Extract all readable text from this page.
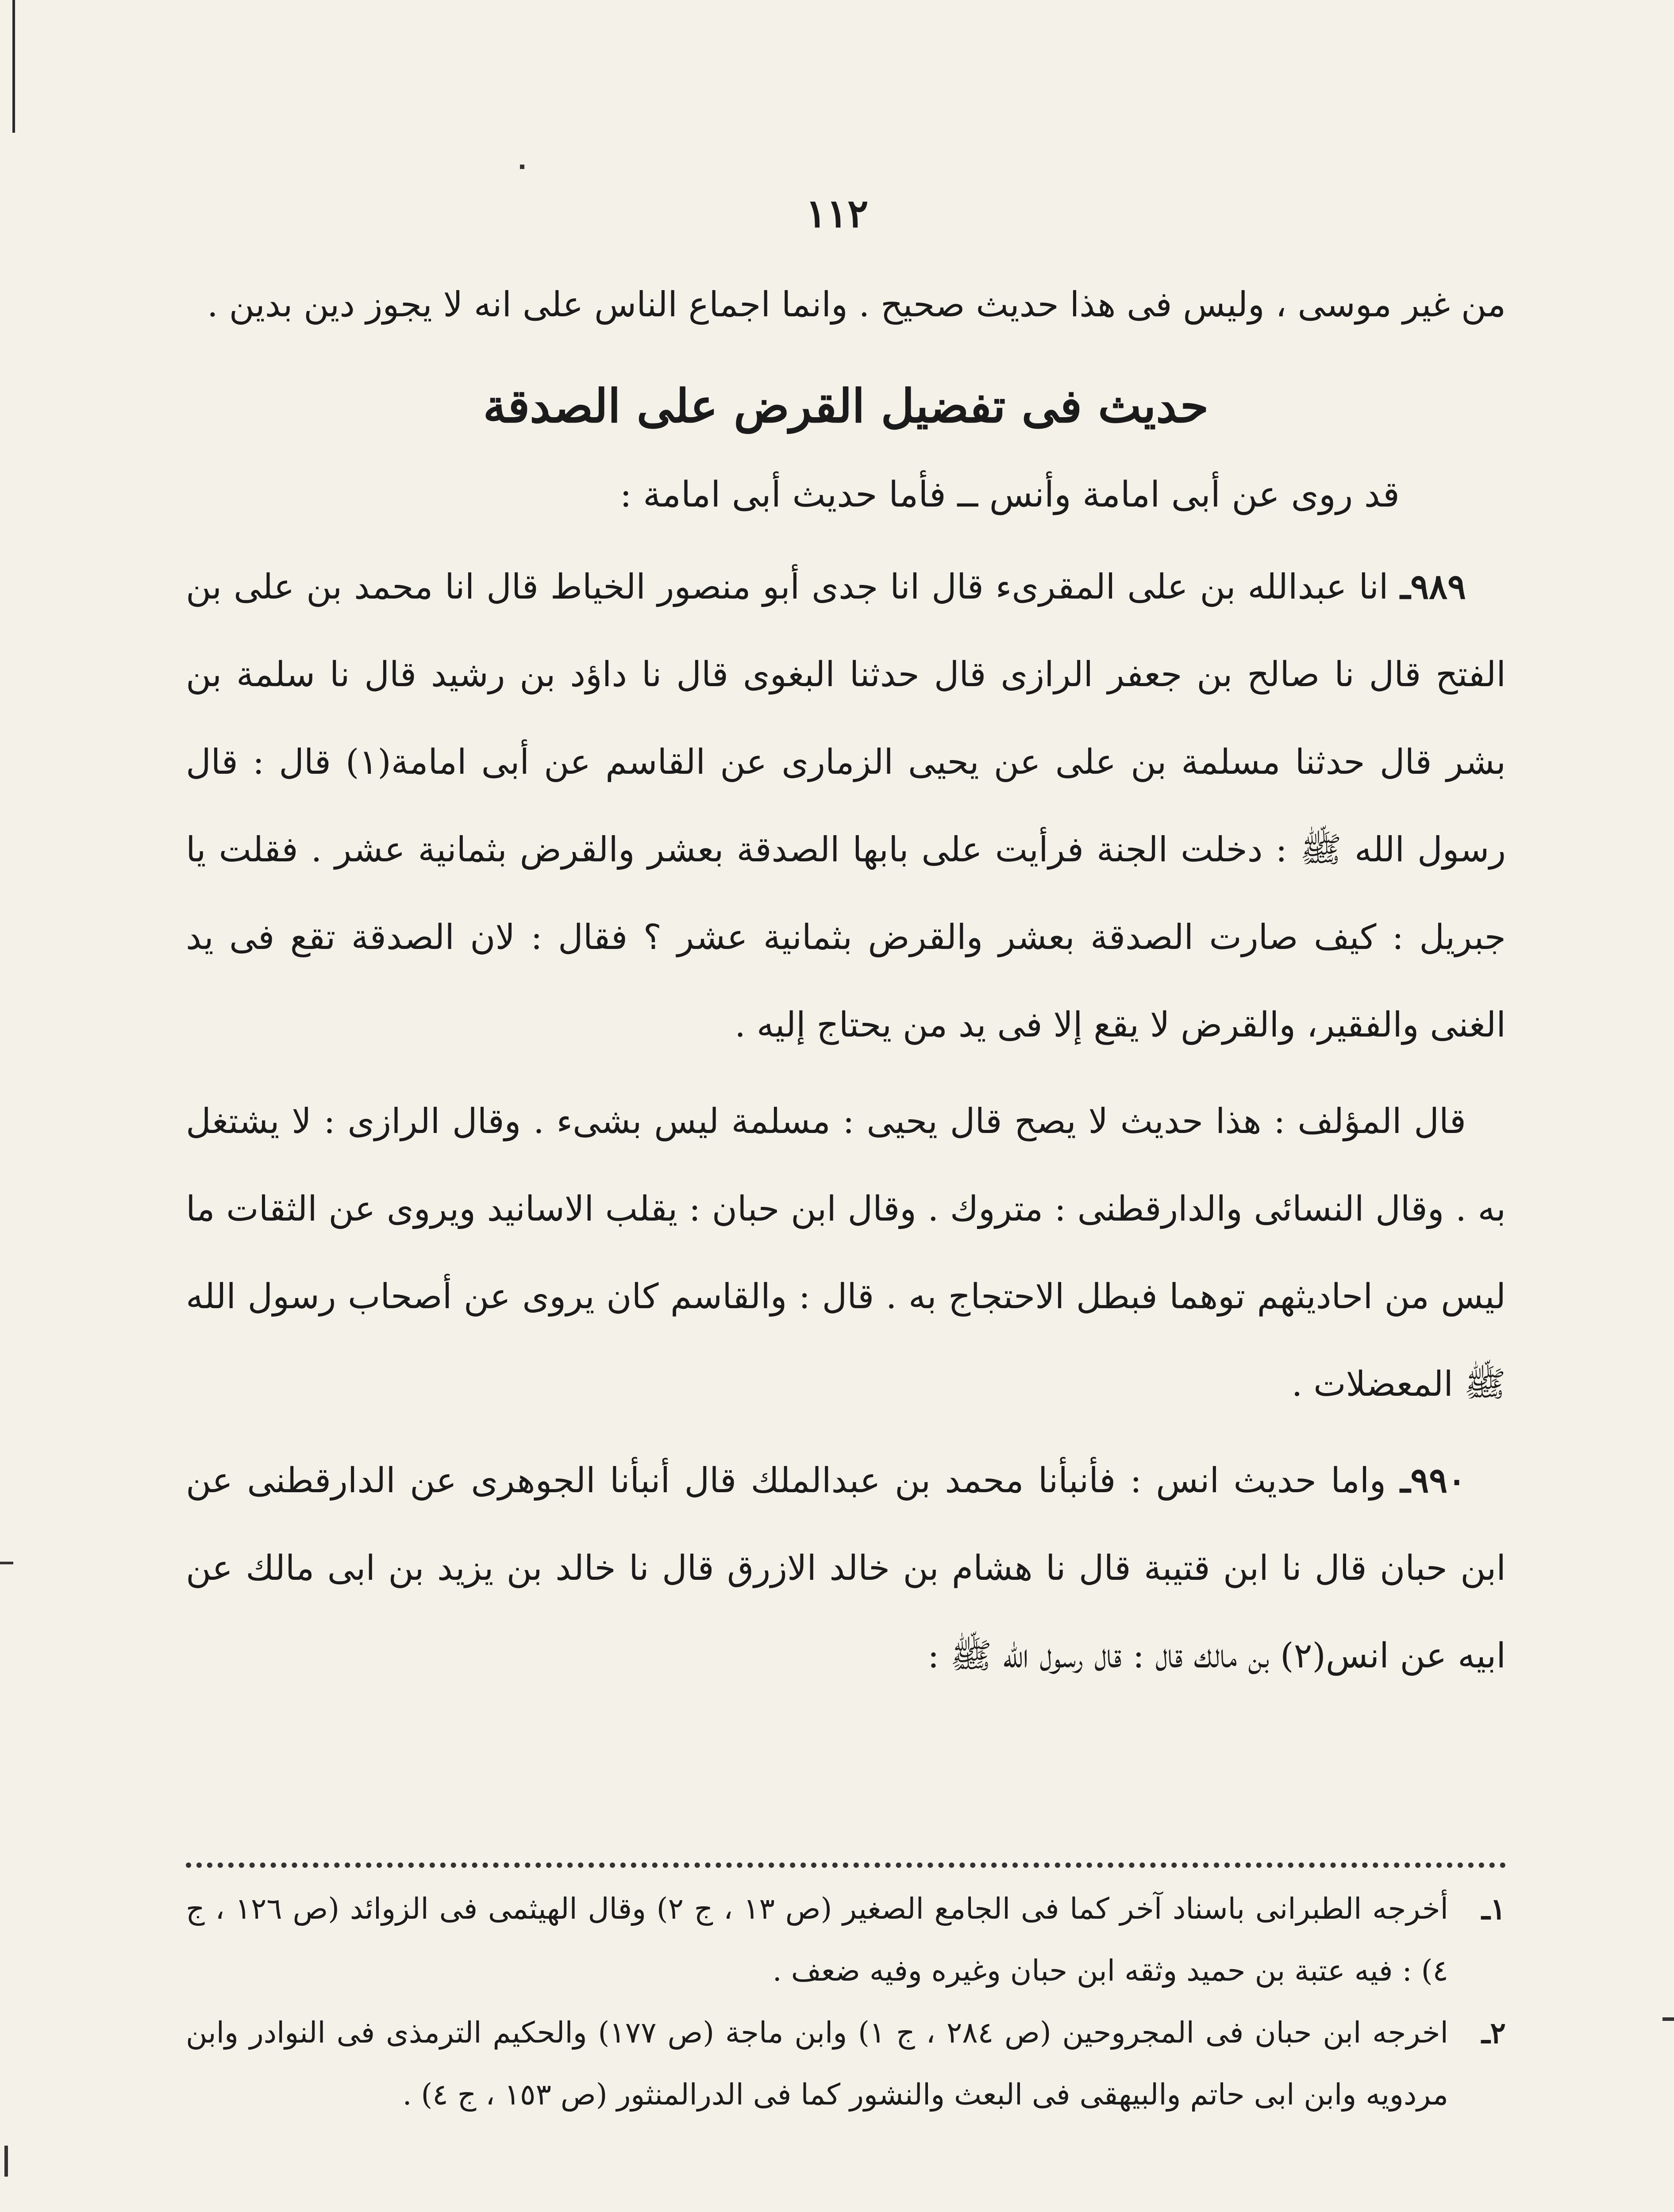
١١٢

من غير موسى ، وليس فى هذا حديث صحيح . وانما اجماع الناس على انه لا يجوز دين بدين .

حديث فى تفضيل القرض على الصدقة

قد روى عن أبى امامة وأنس ــ فأما حديث أبى امامة :

٩٨٩ـ انا عبدالله بن على المقرىء قال انا جدى أبو منصور الخياط قال انا محمد بن على بن الفتح قال نا صالح بن جعفر الرازى قال حدثنا البغوى قال نا داؤد بن رشيد قال نا سلمة بن بشر قال حدثنا مسلمة بن على عن يحيى الزمارى عن القاسم عن أبى امامة(١) قال : قال رسول الله ﷺ : دخلت الجنة فرأيت على بابها الصدقة بعشر والقرض بثمانية عشر . فقلت يا جبريل : كيف صارت الصدقة بعشر والقرض بثمانية عشر ؟ فقال : لان الصدقة تقع فى يد الغنى والفقير، والقرض لا يقع إلا فى يد من يحتاج إليه .

قال المؤلف : هذا حديث لا يصح قال يحيى : مسلمة ليس بشىء . وقال الرازى : لا يشتغل به . وقال النسائى والدارقطنى : متروك . وقال ابن حبان : يقلب الاسانيد ويروى عن الثقات ما ليس من احاديثهم توهما فبطل الاحتجاج به . قال : والقاسم كان يروى عن أصحاب رسول الله ﷺ المعضلات .

٩٩٠ـ واما حديث انس : فأنبأنا محمد بن عبدالملك قال أنبأنا الجوهرى عن الدارقطنى عن ابن حبان قال نا ابن قتيبة قال نا هشام بن خالد الازرق قال نا خالد بن يزيد بن ابى مالك عن ابيه عن انس(٢) بن مالك قال : قال رسول الله ﷺ :

١ـ
أخرجه الطبرانى باسناد آخر كما فى الجامع الصغير (ص ١٣ ، ج ٢) وقال الهيثمى فى الزوائد (ص ١٢٦ ، ج ٤) : فيه عتبة بن حميد وثقه ابن حبان وغيره وفيه ضعف .
٢ـ
اخرجه ابن حبان فى المجروحين (ص ٢٨٤ ، ج ١) وابن ماجة (ص ١٧٧) والحكيم الترمذى فى النوادر وابن مردويه وابن ابى حاتم والبيهقى فى البعث والنشور كما فى الدرالمنثور (ص ١٥٣ ، ج ٤) .
